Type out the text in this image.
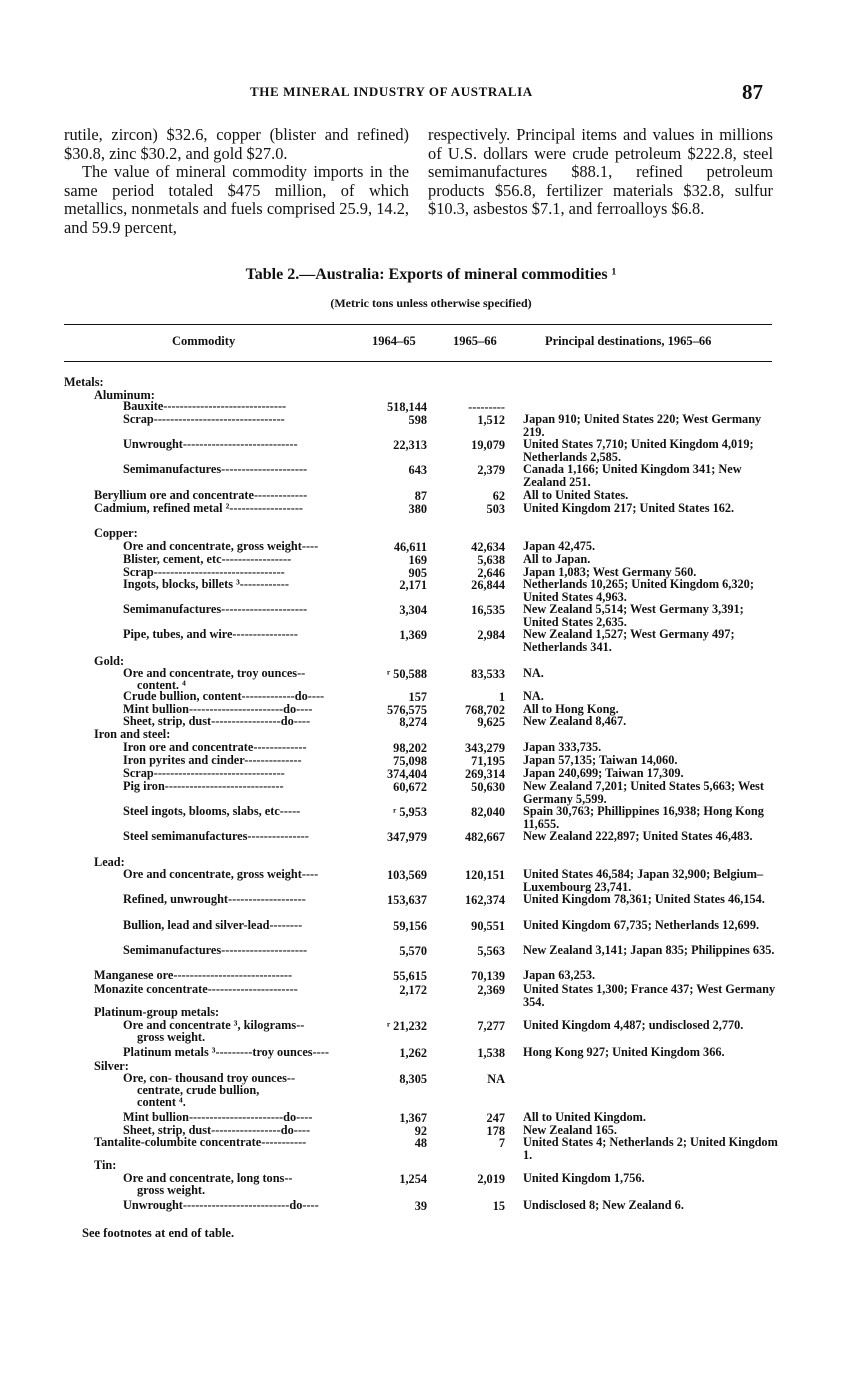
THE MINERAL INDUSTRY OF AUSTRALIA	87

rutile, zircon) $32.6, copper (blister and refined) $30.8, zinc $30.2, and gold $27.0.

The value of mineral commodity imports in the same period totaled $475 million, of which metallics, nonmetals and fuels comprised 25.9, 14.2, and 59.9 percent,

respectively. Principal items and values in millions of U.S. dollars were crude petroleum $222.8, steel semimanufactures $88.1, refined petroleum products $56.8, fertilizer materials $32.8, sulfur $10.3, asbestos $7.1, and ferroalloys $6.8.

Table 2.—Australia: Exports of mineral commodities ¹
(Metric tons unless otherwise specified)
Commodity	1964–65	1965–66	Principal destinations, 1965–66
Metals:
Aluminum:
Bauxite------------------------------	518,144	---------
Scrap--------------------------------	598	1,512 Japan 910; United States 220; West Germany 219.
Unwrought----------------------------	22,313	19,079 United States 7,710; United Kingdom 4,019; Netherlands 2,585.
Semimanufactures---------------------	643	2,379 Canada 1,166; United Kingdom 341; New Zealand 251.
Beryllium ore and concentrate-------------	87	62 All to United States.
Cadmium, refined metal ²------------------	380	503 United Kingdom 217; United States 162.
Copper:
Ore and concentrate, gross weight----	46,611	42,634 Japan 42,475.
Blister, cement, etc-----------------	169	5,638 All to Japan.
Scrap--------------------------------	905	2,646 Japan 1,083; West Germany 560.
Ingots, blocks, billets ³------------	2,171	26,844 Netherlands 10,265; United Kingdom 6,320; United States 4,963.
Semimanufactures---------------------	3,304	16,535 New Zealand 5,514; West Germany 3,391; United States 2,635.
Pipe, tubes, and wire----------------	1,369	2,984 New Zealand 1,527; West Germany 497; Netherlands 341.
Gold:
Ore and concentrate, troy ounces--
content. ⁴
ʳ 50,588	83,533 NA.
Crude bullion, content-------------do----	157	1 NA.
Mint bullion-----------------------do----	576,575	768,702 All to Hong Kong.
Sheet, strip, dust-----------------do----	8,274	9,625 New Zealand 8,467.
Iron and steel:
Iron ore and concentrate-------------	98,202	343,279 Japan 333,735.
Iron pyrites and cinder--------------	75,098	71,195 Japan 57,135; Taiwan 14,060.
Scrap--------------------------------	374,404	269,314 Japan 240,699; Taiwan 17,309.
Pig iron-----------------------------	60,672	50,630 New Zealand 7,201; United States 5,663; West Germany 5,599.
Steel ingots, blooms, slabs, etc-----	ʳ 5,953	82,040 Spain 30,763; Phillippines 16,938; Hong Kong 11,655.
Steel semimanufactures---------------	347,979	482,667 New Zealand 222,897; United States 46,483.
Lead:
Ore and concentrate, gross weight----	103,569	120,151 United States 46,584; Japan 32,900; Belgium–Luxembourg 23,741.
Refined, unwrought-------------------	153,637	162,374 United Kingdom 78,361; United States 46,154.
Bullion, lead and silver-lead--------	59,156	90,551 United Kingdom 67,735; Netherlands 12,699.
Semimanufactures---------------------	5,570	5,563 New Zealand 3,141; Japan 835; Philippines 635.
Manganese ore-----------------------------	55,615	70,139 Japan 63,253.
Monazite concentrate----------------------	2,172	2,369 United States 1,300; France 437; West Germany 354.
Platinum-group metals:
Ore and concentrate ³, kilograms--
gross weight.
ʳ 21,232	7,277 United Kingdom 4,487; undisclosed 2,770.
Platinum metals ³---------troy ounces----	1,262	1,538 Hong Kong 927; United Kingdom 366.
Silver:
Ore, con- thousand troy ounces--
centrate, crude bullion,
content ⁴.
8,305	NA
Mint bullion-----------------------do----	1,367	247 All to United Kingdom.
Sheet, strip, dust-----------------do----	92	178 New Zealand 165.
Tantalite-columbite concentrate-----------	48	7 United States 4; Netherlands 2; United Kingdom 1.
Tin:
Ore and concentrate, long tons--
gross weight.
1,254	2,019 United Kingdom 1,756.
Unwrought--------------------------do----	39	15 Undisclosed 8; New Zealand 6.
See footnotes at end of table.
